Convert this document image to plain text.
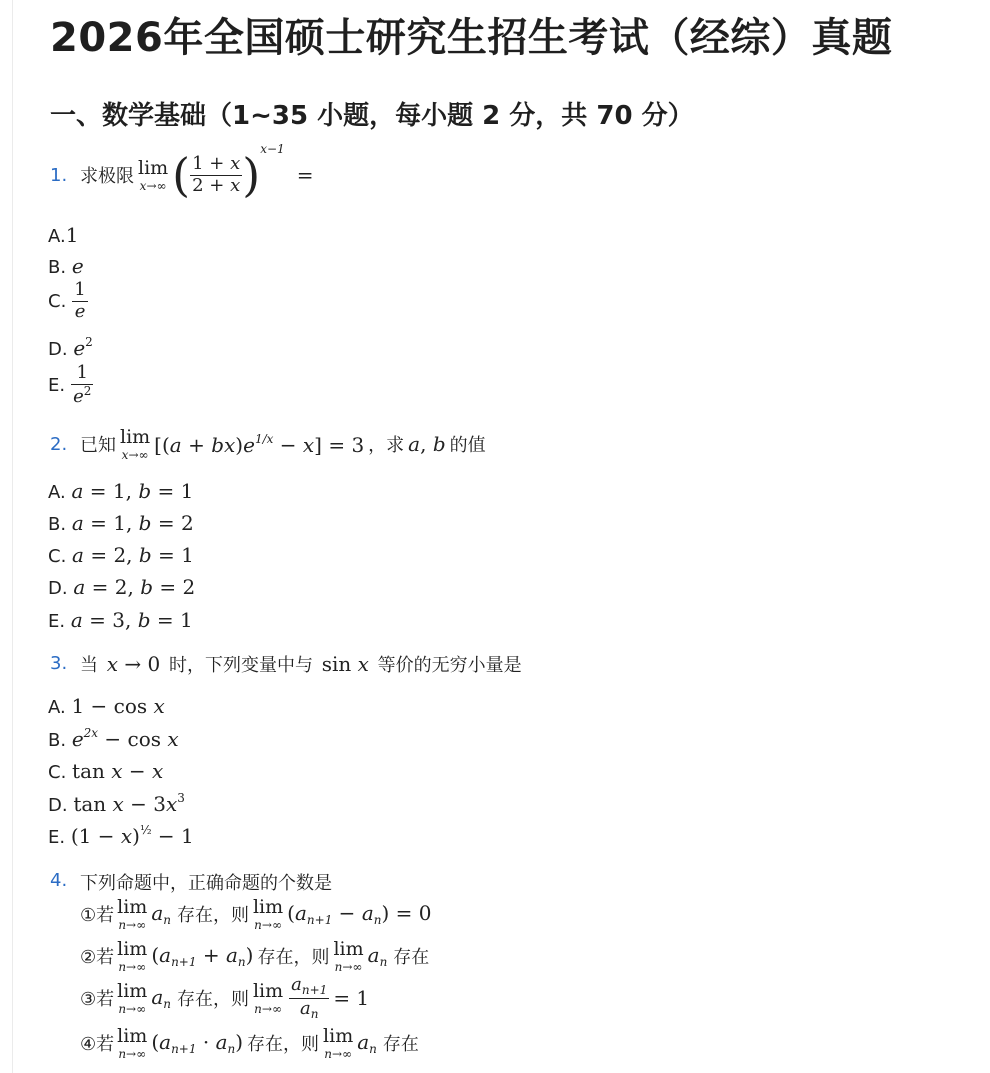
2026年全国硕士研究生招生考试（经综）真题
一、数学基础（1~35 小题，每小题 2 分，共 70 分）
1. 求极限 lim
x→∞ ( $\frac{1 + x}{2 + x}$ ) x−1
=
A.1
B. e
C. $\frac{1}{e}$
D. $e^2$
E. $\frac{1}{e^2}$
2. 已知 lim
x→∞ $[(a + bx)e^{1/x} - x] = 3$ ，求 a, b 的值
A. a = 1, b = 1
B. a = 1, b = 2
C. a = 2, b = 1
D. a = 2, b = 2
E. a = 3, b = 1
3. 当 x → 0 时，下列变量中与 sin x 等价的无穷小量是
A. 1 − cos x
B. $e^{2x} - \cos x$
C. tan x − x
D. $\tan x - 3x^3$
E. $(1 - x)^{\frac{1}{2}} - 1$
4. 下列命题中，正确命题的个数是
①若 lim
n→∞ $a_n$ 存在，则 lim
n→∞ $(a_{n+1} - a_n) = 0$
②若 lim
n→∞ $(a_{n+1} + a_n)$ 存在，则 lim
n→∞ $a_n$ 存在
③若 lim
n→∞ $a_n$ 存在，则 lim
$n\to\infty \frac{a_{n+1}}{a_n} = 1$
④若 lim
n→∞ $(a_{n+1} \cdot a_n)$ 存在，则 lim
n→∞ $a_n$ 存在
